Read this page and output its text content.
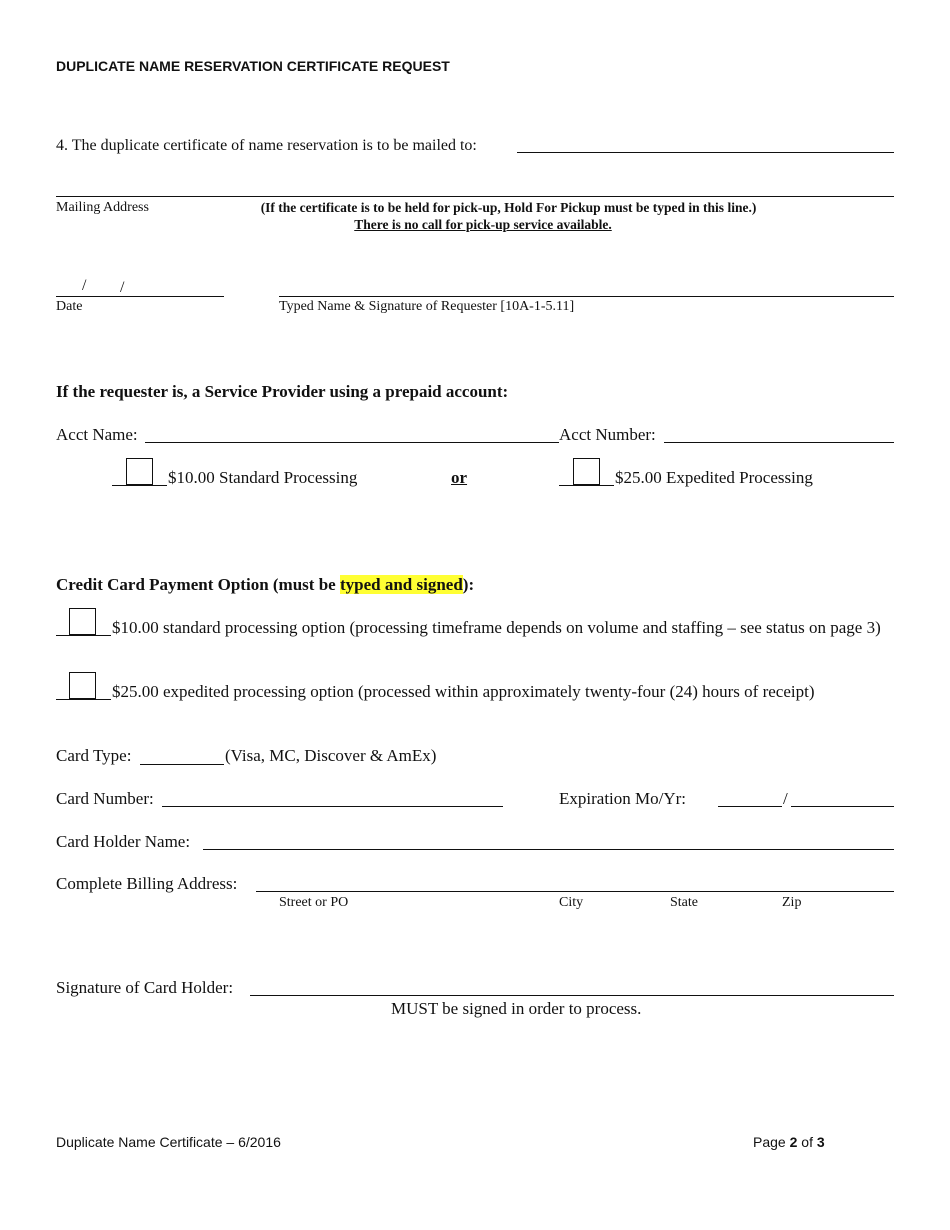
DUPLICATE NAME RESERVATION CERTIFICATE REQUEST
4. The duplicate certificate of name reservation is to be mailed to:
Mailing Address	(If the certificate is to be held for pick-up, Hold For Pickup must be typed in this line.)
There is no call for pick-up service available.
/ /
Date	Typed Name & Signature of Requester [10A-1-5.11]
If the requester is, a Service Provider using a prepaid account:
Acct Name:	Acct Number:
$10.00 Standard Processing	or	$25.00 Expedited Processing
Credit Card Payment Option (must be typed and signed):
$10.00 standard processing option (processing timeframe depends on volume and staffing – see status on page 3)
$25.00 expedited processing option (processed within approximately twenty-four (24) hours of receipt)
Card Type:	(Visa, MC, Discover & AmEx)
Card Number:	Expiration Mo/Yr:	/
Card Holder Name:
Complete Billing Address:
Street or PO	City	State	Zip
Signature of Card Holder:
MUST be signed in order to process.
Duplicate Name Certificate – 6/2016	Page 2 of 3
